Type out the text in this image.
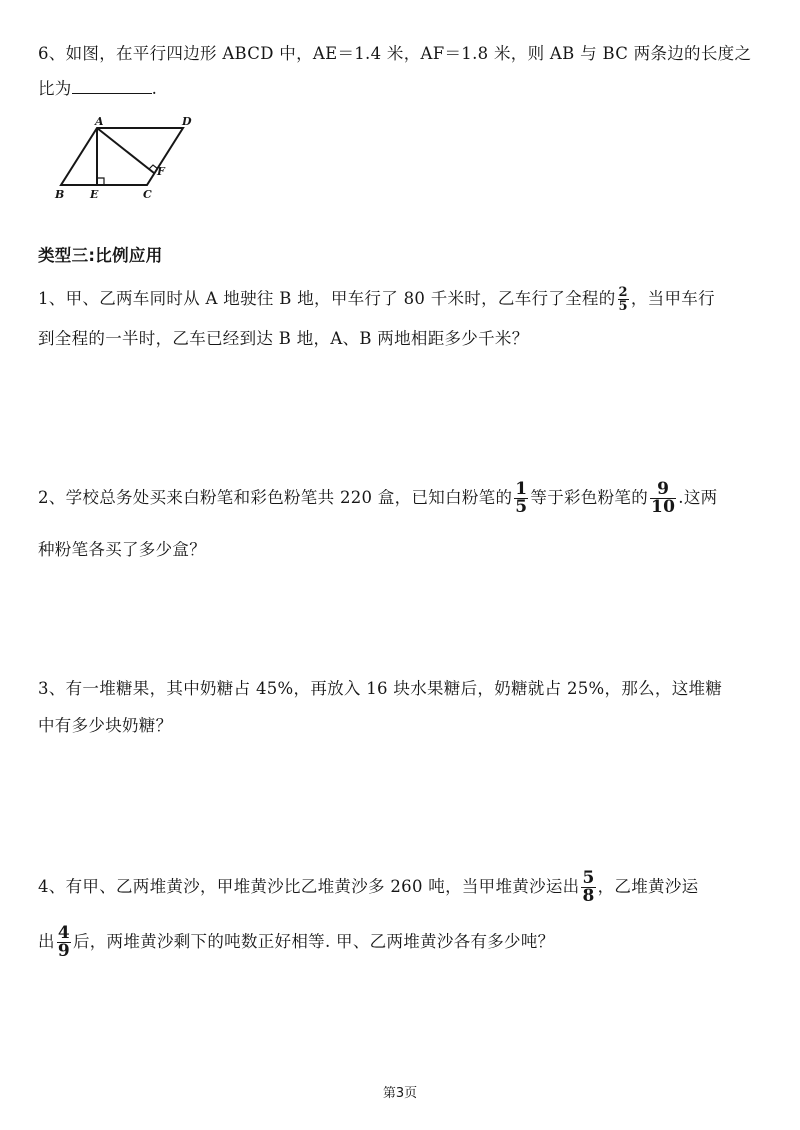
6、如图，在平行四边形 ABCD 中，AE＝1.4 米，AF＝1.8 米，则 AB 与 BC 两条边的长度之
比为	.
A	D
B E	C
F
类型三:比例应用
1、甲、乙两车同时从 A 地驶往 B 地，甲车行了 80 千米时，乙车行了全程的 $\frac{2}{5}$ ，当甲车行
到全程的一半时，乙车已经到达 B 地，A、B 两地相距多少千米？
2、学校总务处买来白粉笔和彩色粉笔共 220 盒，已知白粉笔的 $\frac{1}{5}$ 等于彩色粉笔的 $\frac{9}{10}$ .这两
种粉笔各买了多少盒？
3、有一堆糖果，其中奶糖占 45%，再放入 16 块水果糖后，奶糖就占 25%，那么，这堆糖
中有多少块奶糖？
4、有甲、乙两堆黄沙，甲堆黄沙比乙堆黄沙多 260 吨，当甲堆黄沙运出 $\frac{5}{8}$ ，乙堆黄沙运
出 $\frac{4}{9}$ 后，两堆黄沙剩下的吨数正好相等. 甲、乙两堆黄沙各有多少吨？
第3页
